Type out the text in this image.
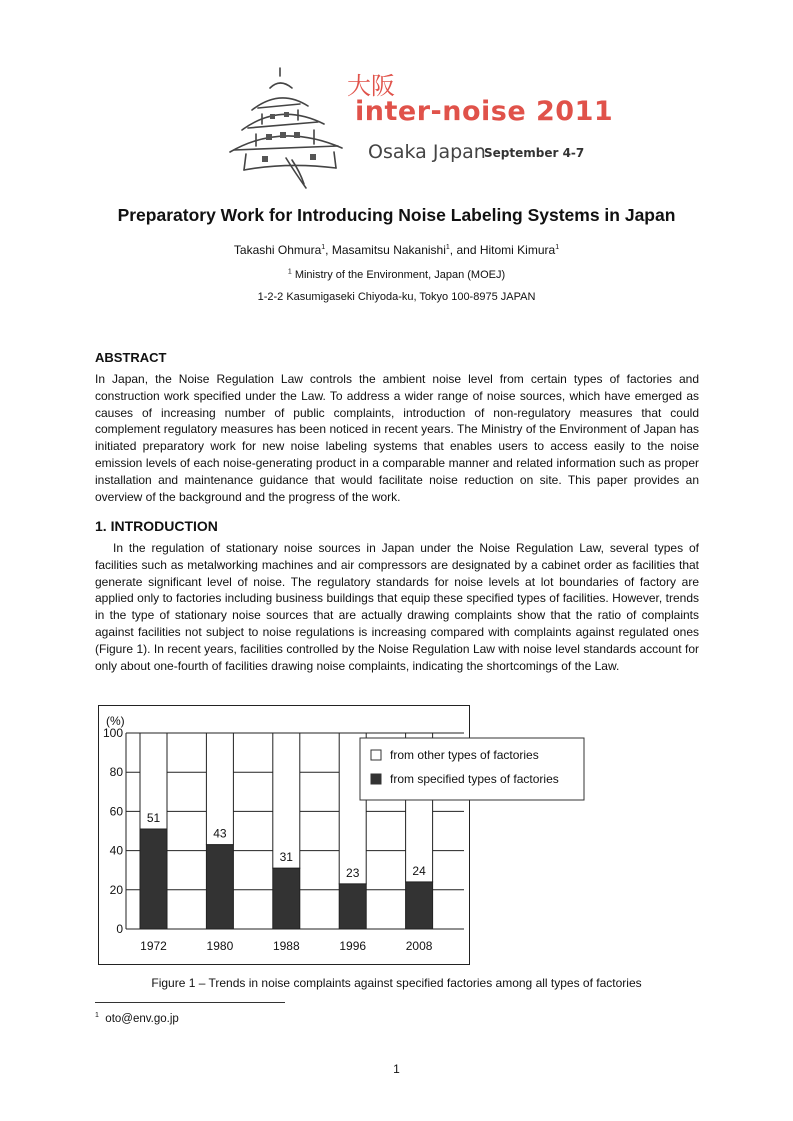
大阪
inter-noise 2011
Osaka Japan
September 4-7
Preparatory Work for Introducing Noise Labeling Systems in Japan
Takashi Ohmura$^1$, Masamitsu Nakanishi$^1$, and Hitomi Kimura$^1$
$^1$ Ministry of the Environment, Japan (MOEJ)
1-2-2 Kasumigaseki Chiyoda-ku, Tokyo 100-8975 JAPAN
ABSTRACT
In Japan, the Noise Regulation Law controls the ambient noise level from certain types of factories and construction work specified under the Law. To address a wider range of noise sources, which have emerged as causes of increasing number of public complaints, introduction of non-regulatory measures that could complement regulatory measures has been noticed in recent years. The Ministry of the Environment of Japan has initiated preparatory work for new noise labeling systems that enables users to access easily to the noise emission levels of each noise-generating product in a comparable manner and related information such as proper installation and maintenance guidance that would facilitate noise reduction on site. This paper provides an overview of the background and the progress of the work.
1. INTRODUCTION
In the regulation of stationary noise sources in Japan under the Noise Regulation Law, several types of facilities such as metalworking machines and air compressors are designated by a cabinet order as facilities that generate significant level of noise. The regulatory standards for noise levels at lot boundaries of factory are applied only to factories including business buildings that equip these specified types of facilities. However, trends in the type of stationary noise sources that are actually drawing complaints show that the ratio of complaints against facilities not subject to noise regulations is increasing compared with complaints against regulated ones (Figure 1). In recent years, facilities controlled by the Noise Regulation Law with noise level standards account for only about one-fourth of facilities drawing noise complaints, indicating the shortcomings of the Law.
0
20
40
60
80
100
(%)
51
1972
43
1980
31
1988
23
1996
24
2008
from other types of factories
from specified types of factories
Figure 1 – Trends in noise complaints against specified factories among all types of factories
$^1$ oto@env.go.jp
1
